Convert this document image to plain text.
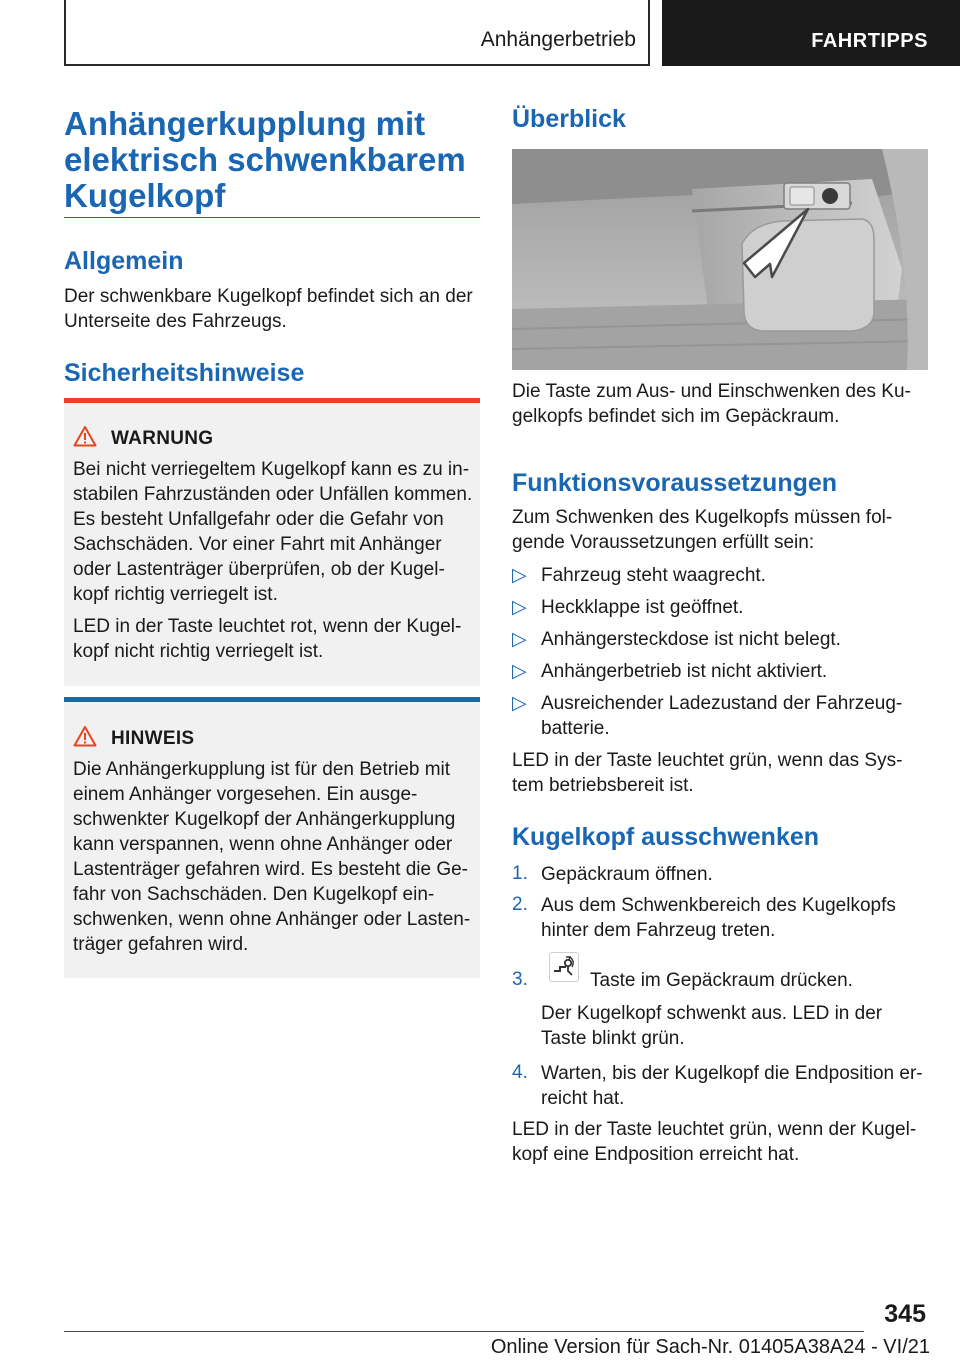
Anhängerbetrieb	FAHRTIPPS
Anhängerkupplung mit
elektrisch schwenkbarem
Kugelkopf
Allgemein
Der schwenkbare Kugelkopf befindet sich an der
Unterseite des Fahrzeugs.
Sicherheitshinweise
WARNUNG
Bei nicht verriegeltem Kugelkopf kann es zu in-
stabilen Fahrzuständen oder Unfällen kommen.
Es besteht Unfallgefahr oder die Gefahr von
Sachschäden. Vor einer Fahrt mit Anhänger
oder Lastenträger überprüfen, ob der Kugel-
kopf richtig verriegelt ist.
LED in der Taste leuchtet rot, wenn der Kugel-
kopf nicht richtig verriegelt ist.
HINWEIS
Die Anhängerkupplung ist für den Betrieb mit
einem Anhänger vorgesehen. Ein ausge-
schwenkter Kugelkopf der Anhängerkupplung
kann verspannen, wenn ohne Anhänger oder
Lastenträger gefahren wird. Es besteht die Ge-
fahr von Sachschäden. Den Kugelkopf ein-
schwenken, wenn ohne Anhänger oder Lasten-
träger gefahren wird.
Überblick
Die Taste zum Aus- und Einschwenken des Ku-
gelkopfs befindet sich im Gepäckraum.
Funktionsvoraussetzungen
Zum Schwenken des Kugelkopfs müssen fol-
gende Voraussetzungen erfüllt sein:
▷ Fahrzeug steht waagrecht.
▷ Heckklappe ist geöffnet.
▷ Anhängersteckdose ist nicht belegt.
▷ Anhängerbetrieb ist nicht aktiviert.
▷ Ausreichender Ladezustand der Fahrzeug-
batterie.
LED in der Taste leuchtet grün, wenn das Sys-
tem betriebsbereit ist.
Kugelkopf ausschwenken
1. Gepäckraum öffnen.
2. Aus dem Schwenkbereich des Kugelkopfs
hinter dem Fahrzeug treten.
3.	Taste im Gepäckraum drücken.
Der Kugelkopf schwenkt aus. LED in der
Taste blinkt grün.
4. Warten, bis der Kugelkopf die Endposition er-
reicht hat.
LED in der Taste leuchtet grün, wenn der Kugel-
kopf eine Endposition erreicht hat.
345
Online Version für Sach-Nr. 01405A38A24 - VI/21
